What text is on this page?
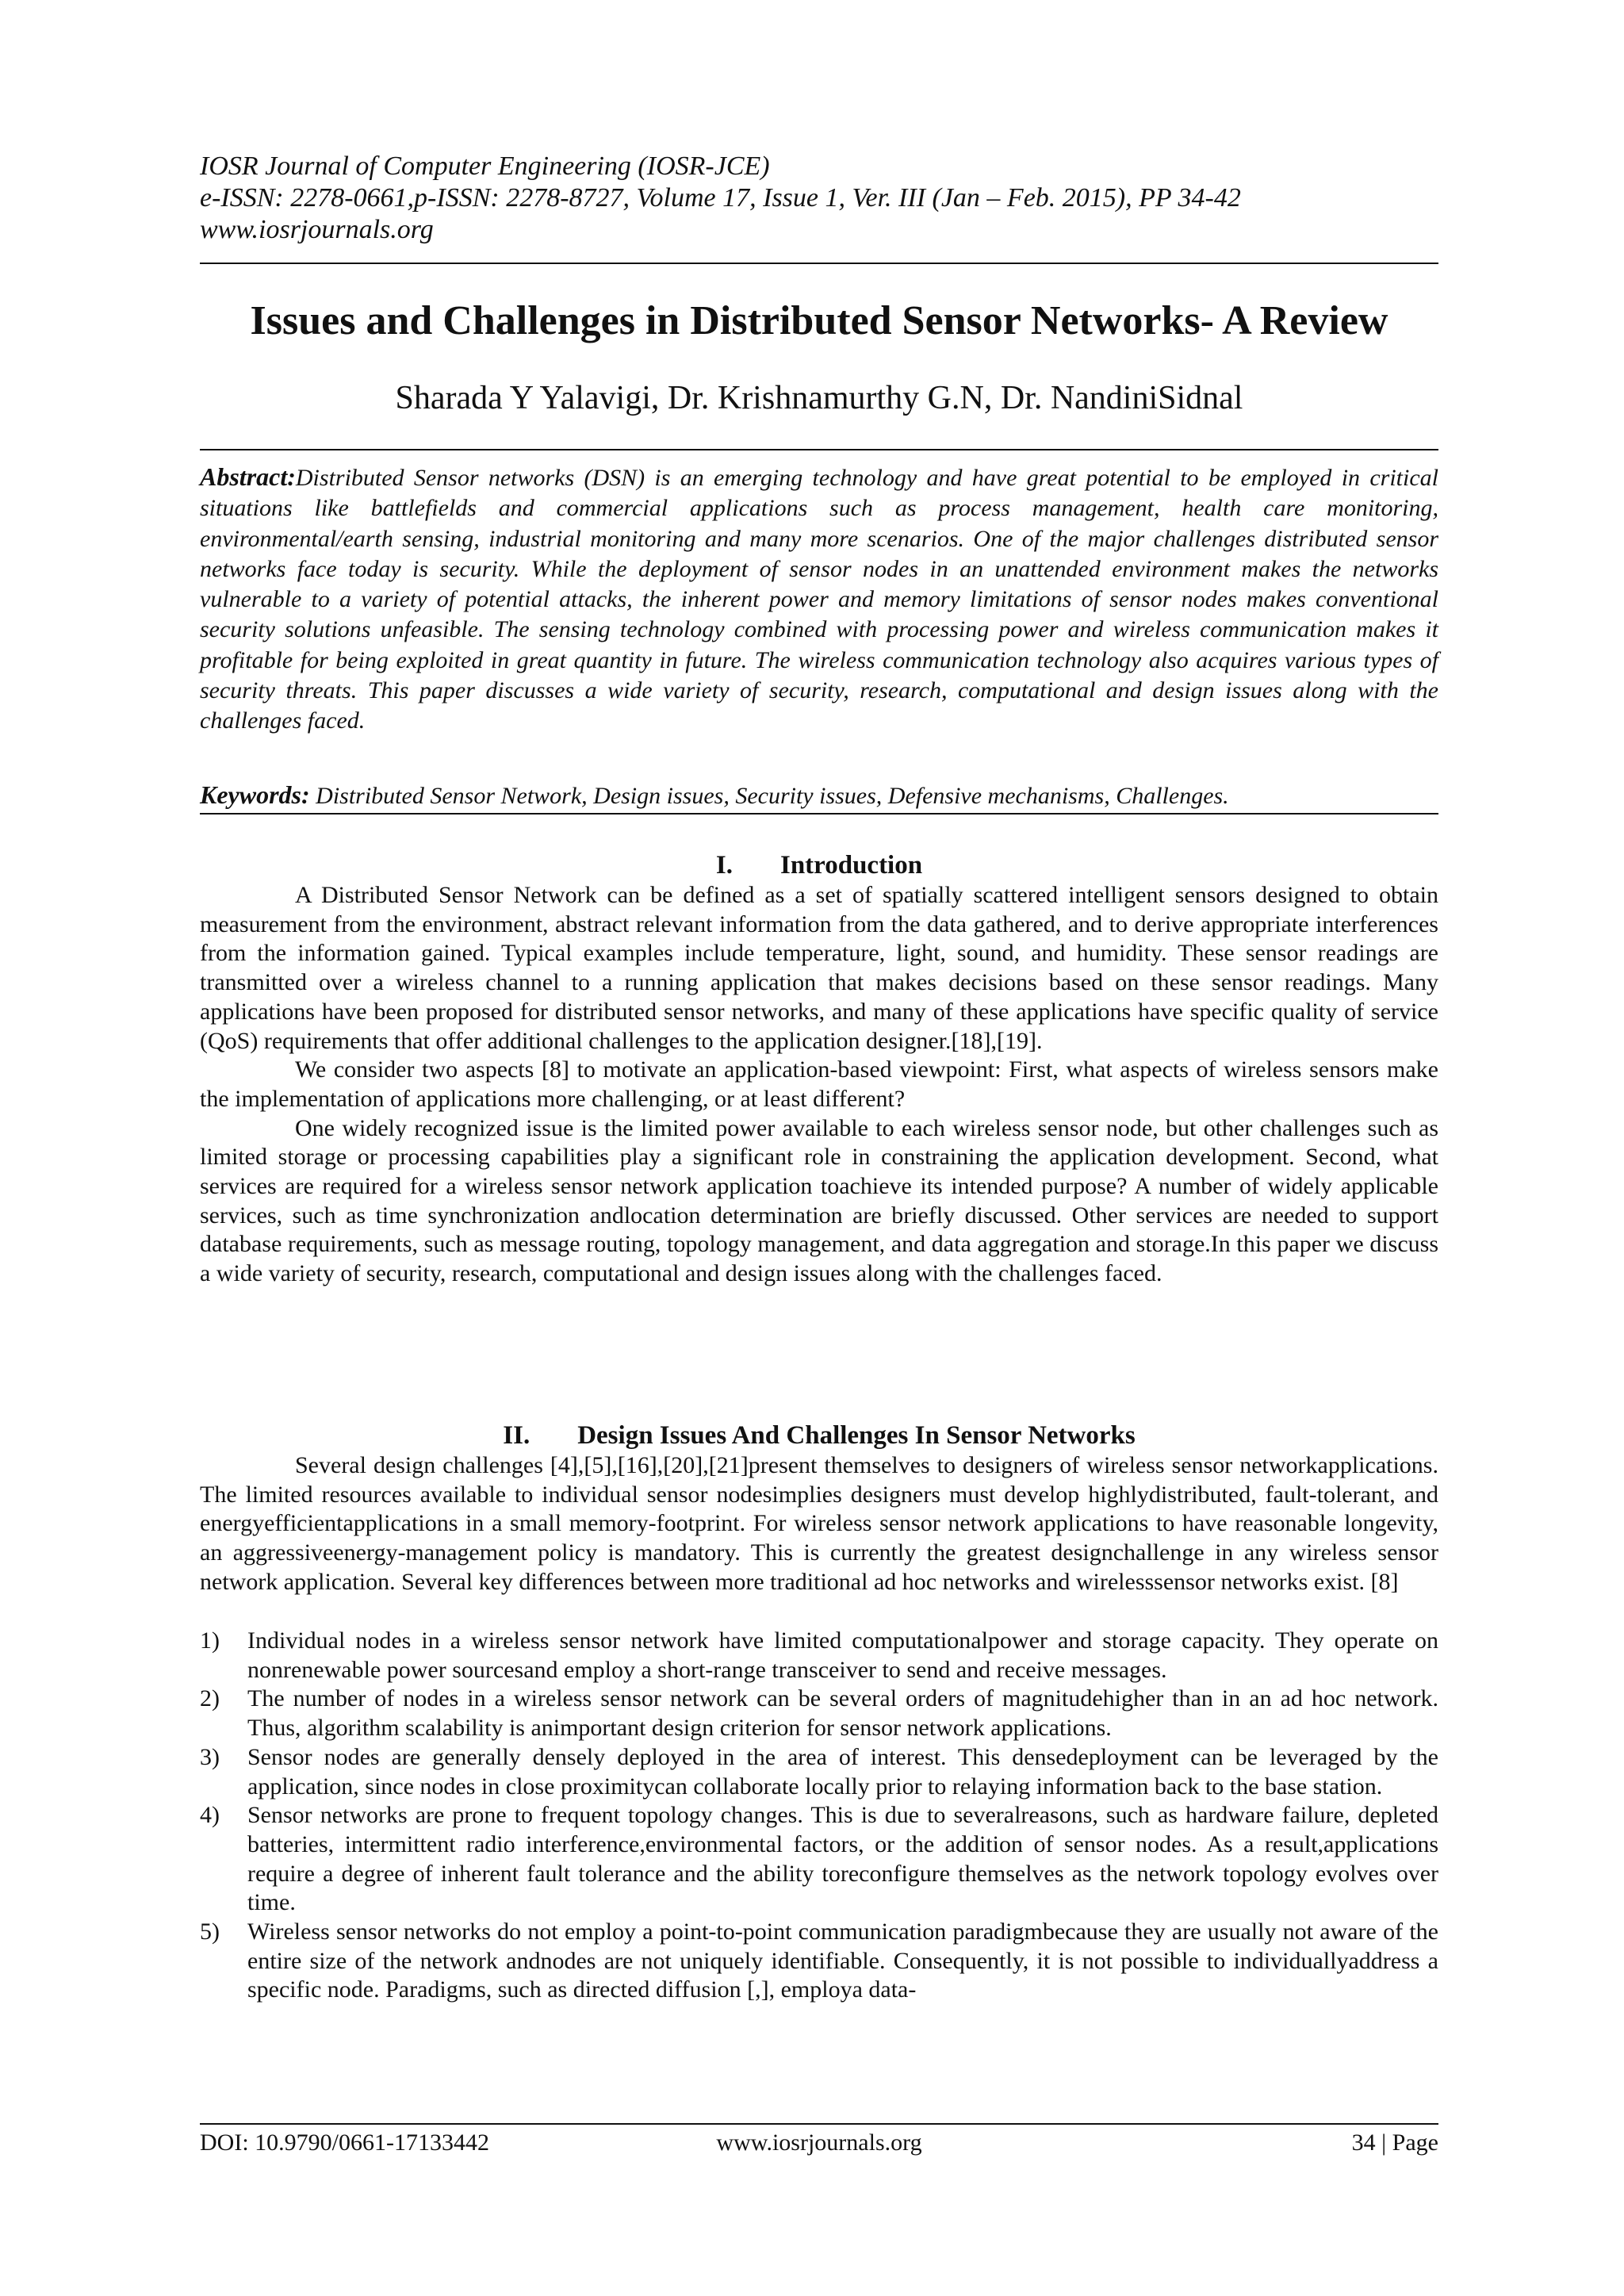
IOSR Journal of Computer Engineering (IOSR-JCE)
e-ISSN: 2278-0661,p-ISSN: 2278-8727, Volume 17, Issue 1, Ver. III (Jan – Feb. 2015), PP 34-42
www.iosrjournals.org
Issues and Challenges in Distributed Sensor Networks- A Review
Sharada Y Yalavigi, Dr. Krishnamurthy G.N, Dr. NandiniSidnal
Abstract:Distributed Sensor networks (DSN) is an emerging technology and have great potential to be employed in critical situations like battlefields and commercial applications such as process management, health care monitoring, environmental/earth sensing, industrial monitoring and many more scenarios. One of the major challenges distributed sensor networks face today is security. While the deployment of sensor nodes in an unattended environment makes the networks vulnerable to a variety of potential attacks, the inherent power and memory limitations of sensor nodes makes conventional security solutions unfeasible. The sensing technology combined with processing power and wireless communication makes it profitable for being exploited in great quantity in future. The wireless communication technology also acquires various types of security threats. This paper discusses a wide variety of security, research, computational and design issues along with the challenges faced.
Keywords: Distributed Sensor Network, Design issues, Security issues, Defensive mechanisms, Challenges.
I. Introduction

A Distributed Sensor Network can be defined as a set of spatially scattered intelligent sensors designed to obtain measurement from the environment, abstract relevant information from the data gathered, and to derive appropriate interferences from the information gained. Typical examples include temperature, light, sound, and humidity. These sensor readings are transmitted over a wireless channel to a running application that makes decisions based on these sensor readings. Many applications have been proposed for distributed sensor networks, and many of these applications have specific quality of service (QoS) requirements that offer additional challenges to the application designer.[18],[19].

We consider two aspects [8] to motivate an application-based viewpoint: First, what aspects of wireless sensors make the implementation of applications more challenging, or at least different?

One widely recognized issue is the limited power available to each wireless sensor node, but other challenges such as limited storage or processing capabilities play a significant role in constraining the application development. Second, what services are required for a wireless sensor network application toachieve its intended purpose? A number of widely applicable services, such as time synchronization andlocation determination are briefly discussed. Other services are needed to support database requirements, such as message routing, topology management, and data aggregation and storage.In this paper we discuss a wide variety of security, research, computational and design issues along with the challenges faced.

II. Design Issues And Challenges In Sensor Networks

Several design challenges [4],[5],[16],[20],[21]present themselves to designers of wireless sensor networkapplications. The limited resources available to individual sensor nodesimplies designers must develop highlydistributed, fault-tolerant, and energyefficientapplications in a small memory-footprint. For wireless sensor network applications to have reasonable longevity, an aggressiveenergy-management policy is mandatory. This is currently the greatest designchallenge in any wireless sensor network application. Several key differences between more traditional ad hoc networks and wirelesssensor networks exist. [8]

1) Individual nodes in a wireless sensor network have limited computationalpower and storage capacity. They operate on nonrenewable power sourcesand employ a short-range transceiver to send and receive messages.
2) The number of nodes in a wireless sensor network can be several orders of magnitudehigher than in an ad hoc network. Thus, algorithm scalability is animportant design criterion for sensor network applications.
3) Sensor nodes are generally densely deployed in the area of interest. This densedeployment can be leveraged by the application, since nodes in close proximitycan collaborate locally prior to relaying information back to the base station.
4) Sensor networks are prone to frequent topology changes. This is due to severalreasons, such as hardware failure, depleted batteries, intermittent radio interference,environmental factors, or the addition of sensor nodes. As a result,applications require a degree of inherent fault tolerance and the ability toreconfigure themselves as the network topology evolves over time.
5) Wireless sensor networks do not employ a point-to-point communication paradigmbecause they are usually not aware of the entire size of the network andnodes are not uniquely identifiable. Consequently, it is not possible to individuallyaddress a specific node. Paradigms, such as directed diffusion [,], employa data-
DOI: 10.9790/0661-17133442	www.iosrjournals.org	34 | Page
